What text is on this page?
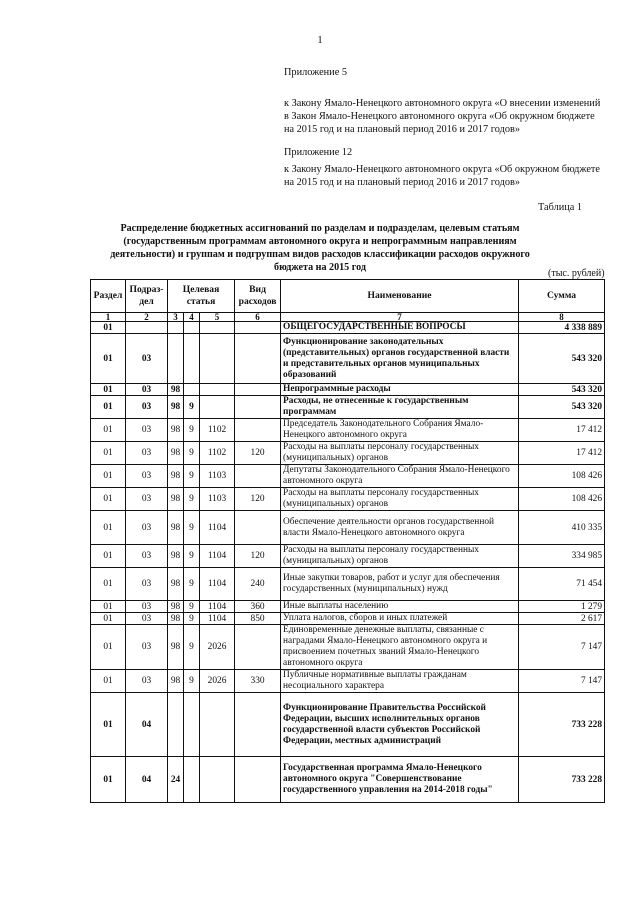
1
Приложение 5
к Закону Ямало-Ненецкого автономного округа «О внесении изменений в Закон Ямало-Ненецкого автономного округа «Об окружном бюджете на 2015 год и на плановый период 2016 и 2017 годов»
Приложение 12
к Закону Ямало-Ненецкого автономного округа «Об окружном бюджете на 2015 год и на плановый период 2016 и 2017 годов»
Таблица 1
Распределение бюджетных ассигнований по разделам и подразделам, целевым статьям (государственным программам автономного округа и непрограммным направлениям деятельности) и группам и подгруппам видов расходов классификации расходов окружного бюджета на 2015 год
(тыс. рублей)
Раздел	Подраз-дел	Целевая статья			Вид расходов	Наименование	Сумма
1	2	3	4	5	6	7	8
01						ОБЩЕГОСУДАРСТВЕННЫЕ ВОПРОСЫ	4 338 889
01	03					Функционирование законодательных (представительных) органов государственной власти и представительных органов муниципальных образований	543 320
01	03	98				Непрограммные расходы	543 320
01	03	98	9			Расходы, не отнесенные к государственным программам	543 320
01	03	98	9	1102		Председатель Законодательного Собрания Ямало-Ненецкого автономного округа	17 412
01	03	98	9	1102	120	Расходы на выплаты персоналу государственных (муниципальных) органов	17 412
01	03	98	9	1103		Депутаты Законодательного Собрания Ямало-Ненецкого автономного округа	108 426
01	03	98	9	1103	120	Расходы на выплаты персоналу государственных (муниципальных) органов	108 426
01	03	98	9	1104		Обеспечение деятельности органов государственной власти Ямало-Ненецкого автономного округа	410 335
01	03	98	9	1104	120	Расходы на выплаты персоналу государственных (муниципальных) органов	334 985
01	03	98	9	1104	240	Иные закупки товаров, работ и услуг для обеспечения государственных (муниципальных) нужд	71 454
01	03	98	9	1104	360	Иные выплаты населению	1 279
01	03	98	9	1104	850	Уплата налогов, сборов и иных платежей	2 617
01	03	98	9	2026		Единовременные денежные выплаты, связанные с наградами Ямало-Ненецкого автономного округа и присвоением почетных званий Ямало-Ненецкого автономного округа	7 147
01	03	98	9	2026	330	Публичные нормативные выплаты гражданам несоциального характера	7 147
01	04					Функционирование Правительства Российской Федерации, высших исполнительных органов государственной власти субъектов Российской Федерации, местных администраций	733 228
01	04	24				Государственная программа Ямало-Ненецкого автономного округа "Совершенствование государственного управления на 2014-2018 годы"	733 228
